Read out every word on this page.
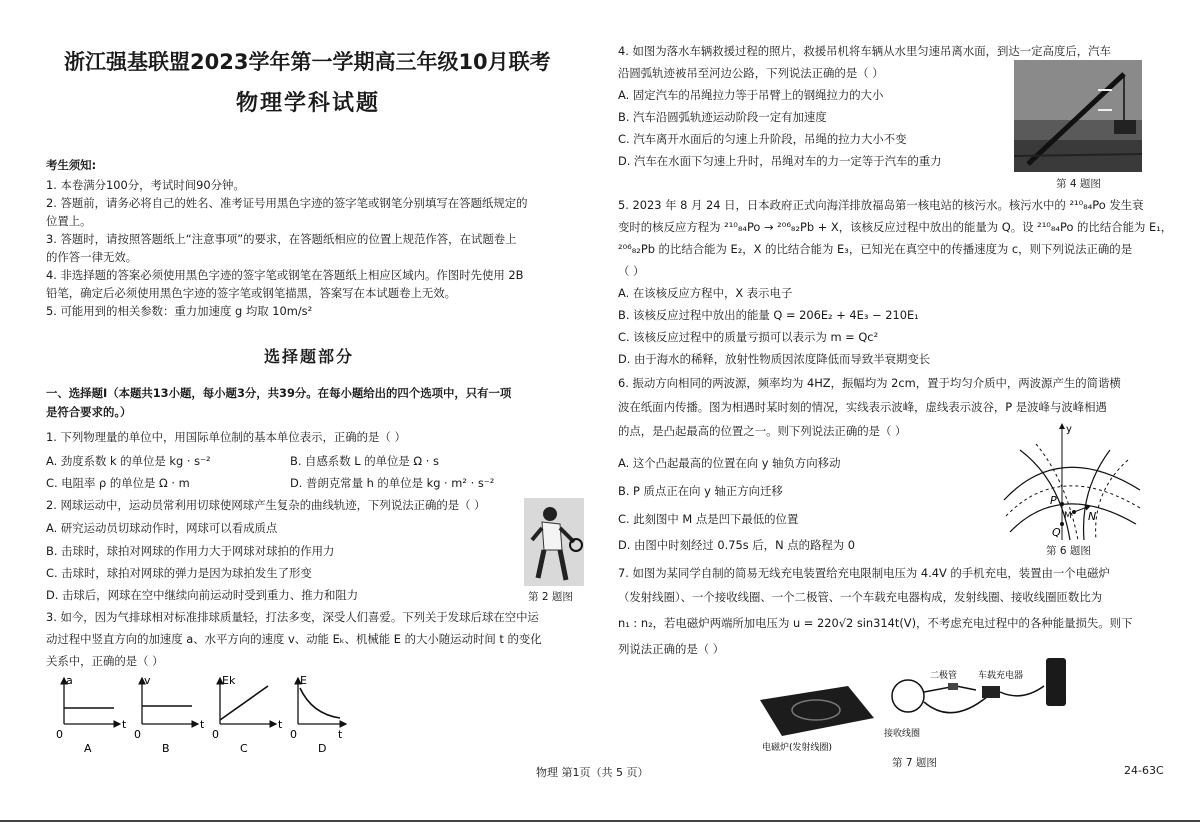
浙江强基联盟2023学年第一学期高三年级10月联考
物理学科试题
考生须知:
1. 本卷满分100分，考试时间90分钟。
2. 答题前，请务必将自己的姓名、准考证号用黑色字迹的签字笔或钢笔分别填写在答题纸规定的
位置上。
3. 答题时，请按照答题纸上“注意事项”的要求，在答题纸相应的位置上规范作答，在试题卷上
的作答一律无效。
4. 非选择题的答案必须使用黑色字迹的签字笔或钢笔在答题纸上相应区域内。作图时先使用 2B
铅笔，确定后必须使用黑色字迹的签字笔或钢笔描黑，答案写在本试题卷上无效。
5. 可能用到的相关参数：重力加速度 g 均取 10m/s²
选择题部分
一、选择题Ⅰ（本题共13小题，每小题3分，共39分。在每小题给出的四个选项中，只有一项
是符合要求的。）
1. 下列物理量的单位中，用国际单位制的基本单位表示，正确的是（ ）
A. 劲度系数 k 的单位是 kg · s⁻²	B. 自感系数 L 的单位是 Ω · s
C. 电阻率 ρ 的单位是 Ω · m	D. 普朗克常量 h 的单位是 kg · m² · s⁻²
2. 网球运动中，运动员常利用切球使网球产生复杂的曲线轨迹，下列说法正确的是（ ）
A. 研究运动员切球动作时，网球可以看成质点
B. 击球时，球拍对网球的作用力大于网球对球拍的作用力
C. 击球时，球拍对网球的弹力是因为球拍发生了形变
D. 击球后，网球在空中继续向前运动时受到重力、推力和阻力	第 2 题图
3. 如今，因为气排球相对标准排球质量轻，打法多变，深受人们喜爱。下列关于发球后球在空中运
动过程中竖直方向的加速度 a、水平方向的速度 v、动能 Eₖ、机械能 E 的大小随运动时间 t 的变化
关系中，正确的是（ ）
a
t
0
A
v
t
0
B
Ek
t
0
C
E
t
0
D
4. 如图为落水车辆救援过程的照片，救援吊机将车辆从水里匀速吊离水面，到达一定高度后，汽车
沿圆弧轨迹被吊至河边公路，下列说法正确的是（ ）
A. 固定汽车的吊绳拉力等于吊臂上的钢绳拉力的大小
B. 汽车沿圆弧轨迹运动阶段一定有加速度
C. 汽车离开水面后的匀速上升阶段，吊绳的拉力大小不变
D. 汽车在水面下匀速上升时，吊绳对车的力一定等于汽车的重力
第 4 题图
5. 2023 年 8 月 24 日，日本政府正式向海洋排放福岛第一核电站的核污水。核污水中的 ²¹⁰₈₄Po 发生衰
变时的核反应方程为 ²¹⁰₈₄Po → ²⁰⁶₈₂Pb + X，该核反应过程中放出的能量为 Q。设 ²¹⁰₈₄Po 的比结合能为 E₁，
²⁰⁶₈₂Pb 的比结合能为 E₂，X 的比结合能为 E₃，已知光在真空中的传播速度为 c，则下列说法正确的是
（ ）
A. 在该核反应方程中，X 表示电子
B. 该核反应过程中放出的能量 Q = 206E₂ + 4E₃ − 210E₁
C. 该核反应过程中的质量亏损可以表示为 m = Qc²
D. 由于海水的稀释，放射性物质因浓度降低而导致半衰期变长
6. 振动方向相同的两波源，频率均为 4HZ，振幅均为 2cm，置于均匀介质中，两波源产生的简谐横
波在纸面内传播。图为相遇时某时刻的情况，实线表示波峰，虚线表示波谷，P 是波峰与波峰相遇
的点，是凸起最高的位置之一。则下列说法正确的是（ ）
A. 这个凸起最高的位置在向 y 轴负方向移动
B. P 质点正在向 y 轴正方向迁移
C. 此刻图中 M 点是凹下最低的位置
D. 由图中时刻经过 0.75s 后，N 点的路程为 0
y
P
M N
Q
第 6 题图
7. 如图为某同学自制的简易无线充电装置给充电限制电压为 4.4V 的手机充电，装置由一个电磁炉
（发射线圈）、一个接收线圈、一个二极管、一个车载充电器构成，发射线圈、接收线圈匝数比为
n₁ : n₂，若电磁炉两端所加电压为 u = 220√2 sin314t(V)，不考虑充电过程中的各种能量损失。则下
列说法正确的是（ ）
电磁炉(发射线圈)
接收线圈
二极管 车载充电器
第 7 题图
物理 第1页（共 5 页）	24-63C
